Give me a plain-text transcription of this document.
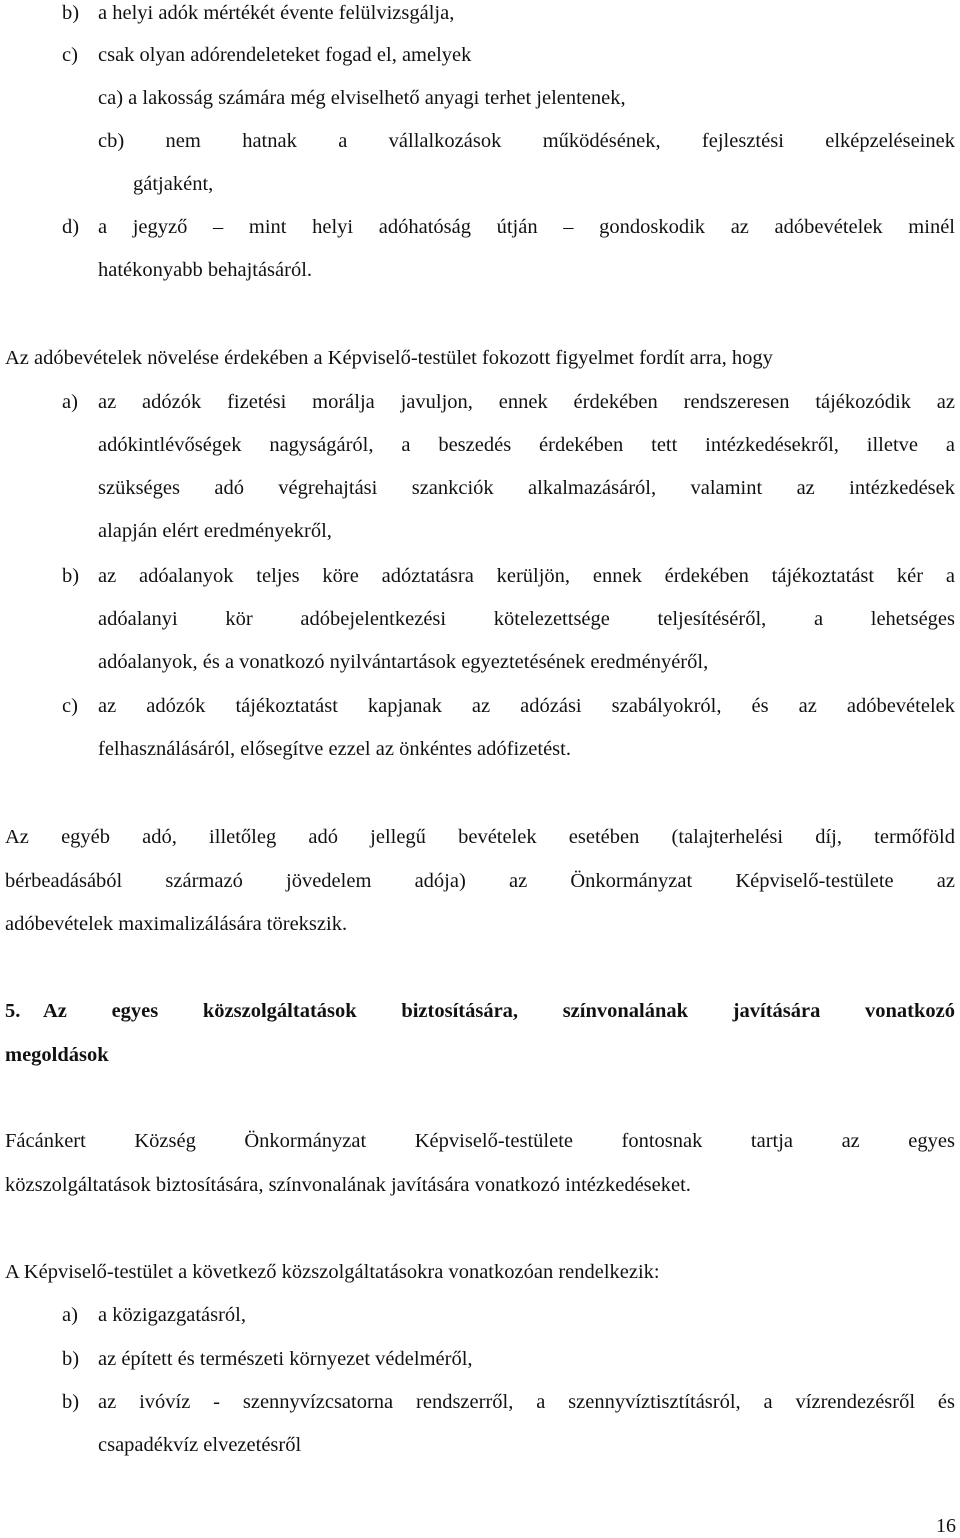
b) a helyi adók mértékét évente felülvizsgálja,
c) csak olyan adórendeleteket fogad el, amelyek
ca) a lakosság számára még elviselhető anyagi terhet jelentenek,
cb) nem hatnak a vállalkozások működésének, fejlesztési elképzeléseinek
gátjaként,
d) a jegyző – mint helyi adóhatóság útján – gondoskodik az adóbevételek minél
hatékonyabb behajtásáról.
Az adóbevételek növelése érdekében a Képviselő-testület fokozott figyelmet fordít arra, hogy
a) az adózók fizetési morálja javuljon, ennek érdekében rendszeresen tájékozódik az
adókintlévőségek nagyságáról, a beszedés érdekében tett intézkedésekről, illetve a
szükséges adó végrehajtási szankciók alkalmazásáról, valamint az intézkedések
alapján elért eredményekről,
b) az adóalanyok teljes köre adóztatásra kerüljön, ennek érdekében tájékoztatást kér a
adóalanyi kör adóbejelentkezési kötelezettsége teljesítéséről, a lehetséges
adóalanyok, és a vonatkozó nyilvántartások egyeztetésének eredményéről,
c) az adózók tájékoztatást kapjanak az adózási szabályokról, és az adóbevételek
felhasználásáról, elősegítve ezzel az önkéntes adófizetést.
Az egyéb adó, illetőleg adó jellegű bevételek esetében (talajterhelési díj, termőföld
bérbeadásából származó jövedelem adója) az Önkormányzat Képviselő-testülete az
adóbevételek maximalizálására törekszik.
5. Az egyes közszolgáltatások biztosítására, színvonalának javítására vonatkozó
megoldások
Fácánkert Község Önkormányzat Képviselő-testülete fontosnak tartja az egyes
közszolgáltatások biztosítására, színvonalának javítására vonatkozó intézkedéseket.
A Képviselő-testület a következő közszolgáltatásokra vonatkozóan rendelkezik:
a) a közigazgatásról,
b) az épített és természeti környezet védelméről,
b) az ivóvíz - szennyvízcsatorna rendszerről, a szennyvíztisztításról, a vízrendezésről és
csapadékvíz elvezetésről
16
